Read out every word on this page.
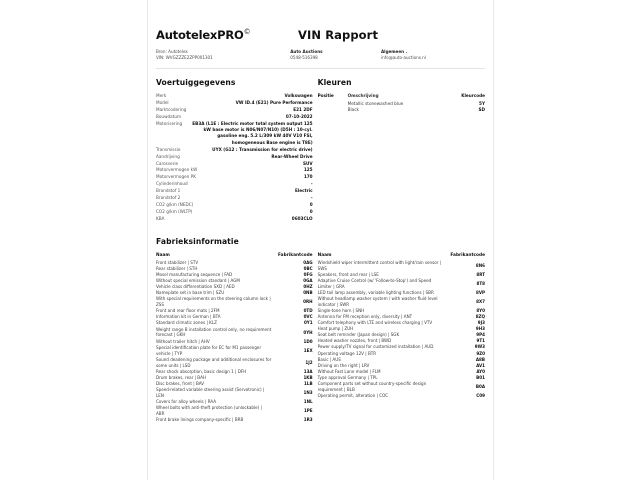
AutotelexPRO©	VIN Rapport
Bron: Autotelex
VIN: WVGZZZE2ZPP001301
Auto Auctions
0548-516398
Algemeen .
info@auto-auctions.nl
Voertuiggegevens
Merk	Volkswagen
Model	VW ID.4 (E21) Pure Performance
Marktcodering	E21 2DF
Bouwdatum	07-10-2022
Motorisering	EB3A (L1E : Electric motor total system output 125 kW base motor is N06/N07/N10) (D5H : 10-cyl. gasoline eng. 5.2 L/309 kW 40V V10 FSI, homogeneous Base engine is T8E)
Transmissie	UYX (G12 : Transmission for electric drive)
Aandrijving	Rear-Wheel Drive
Carosserie	SUV
Motorvermogen kW	125
Motorvermogen PK	170
Cylinderinhoud	-
Brandstof 1	Electric
Brandstof 2	-
CO2 g/km (NEDC)	0
CO2 g/km (WLTP)	0
KBA	0603CLO
Kleuren
Positie	Omschrijving	Kleurcode
Metallic stonewashed blue	5Y
Black	SD
Fabrieksinformatie
Naam	Fabrikantcode
Front stabilizer | STV	0AG
Rear stabilizer | STH	0BC
Mosel manufacturing sequence | FAD	0FG
Without special emission standard | AGM	0GA
Vehicle class differentiation SXD | AED	0HZ
Nameplate set in base trim | SZU	0NB
With special requirements on the steering column lock | ZSS
0RH
Front and rear floor mats | 2FM	0TD
Information kit in German | BTA	0VC
Standard climatic zones | KLZ	0Y1
Weight range B installation control only, no requirement forecast | GKH
0YH
Without trailer hitch | AHV	1D0
Special identification plate for EC for M1 passenger vehicle | TYP
1EX
Sound deadening package and additional enclosures for some units | LSD
1J2
Rear shock absorption, basic design 1 | DFH	13A
Drum brakes, rear | BAH	1KB
Disc brakes, front | BAV	1LB
Speed-related variable steering assist (Servotronic) | LEN
1N3
Covers for alloy wheels | RAA	1NL
Wheel bolts with anti-theft protection (unlockable) | ABR
1PE
Front brake linings company-specific | BRB	1R3
Naam	Fabrikantcode
Windshield wiper intermittent control with light/rain sensor | SWS
8N6
Speakers, front and rear | LSE	8RT
Adaptive Cruise Control (w/ 'Follow-to-Stop') and Speed Limiter | GRA
8T8
LED tail lamp assembly, variable lighting functions | SBR	8VP
Without headlamp washer system / with washer fluid level indicator | SWR
8X7
Single-tone horn | SNH	8Y0
Antenna for FM reception only, diversity | ANT	8ZQ
Comfort telephony with LTE and wireless charging | VTV	9J3
Heat pump | ZUH	9H3
Seat belt reminder (Japan design) | SGK	9P4
Heated washer nozzles, front | BWD	9T1
Power supply/TV signal for customized installation | AUD	9W3
Operating voltage 12V | BTR	9Z0
Basic | AUS	A8B
Driving on the right | LRV	AV1
Without Fast Lane model | FLM	AY0
Type approval Germany | TPL	B01
Component parts set without country-specific design requirement | BLB
B0A
Operating permit, alteration | COC	C09
